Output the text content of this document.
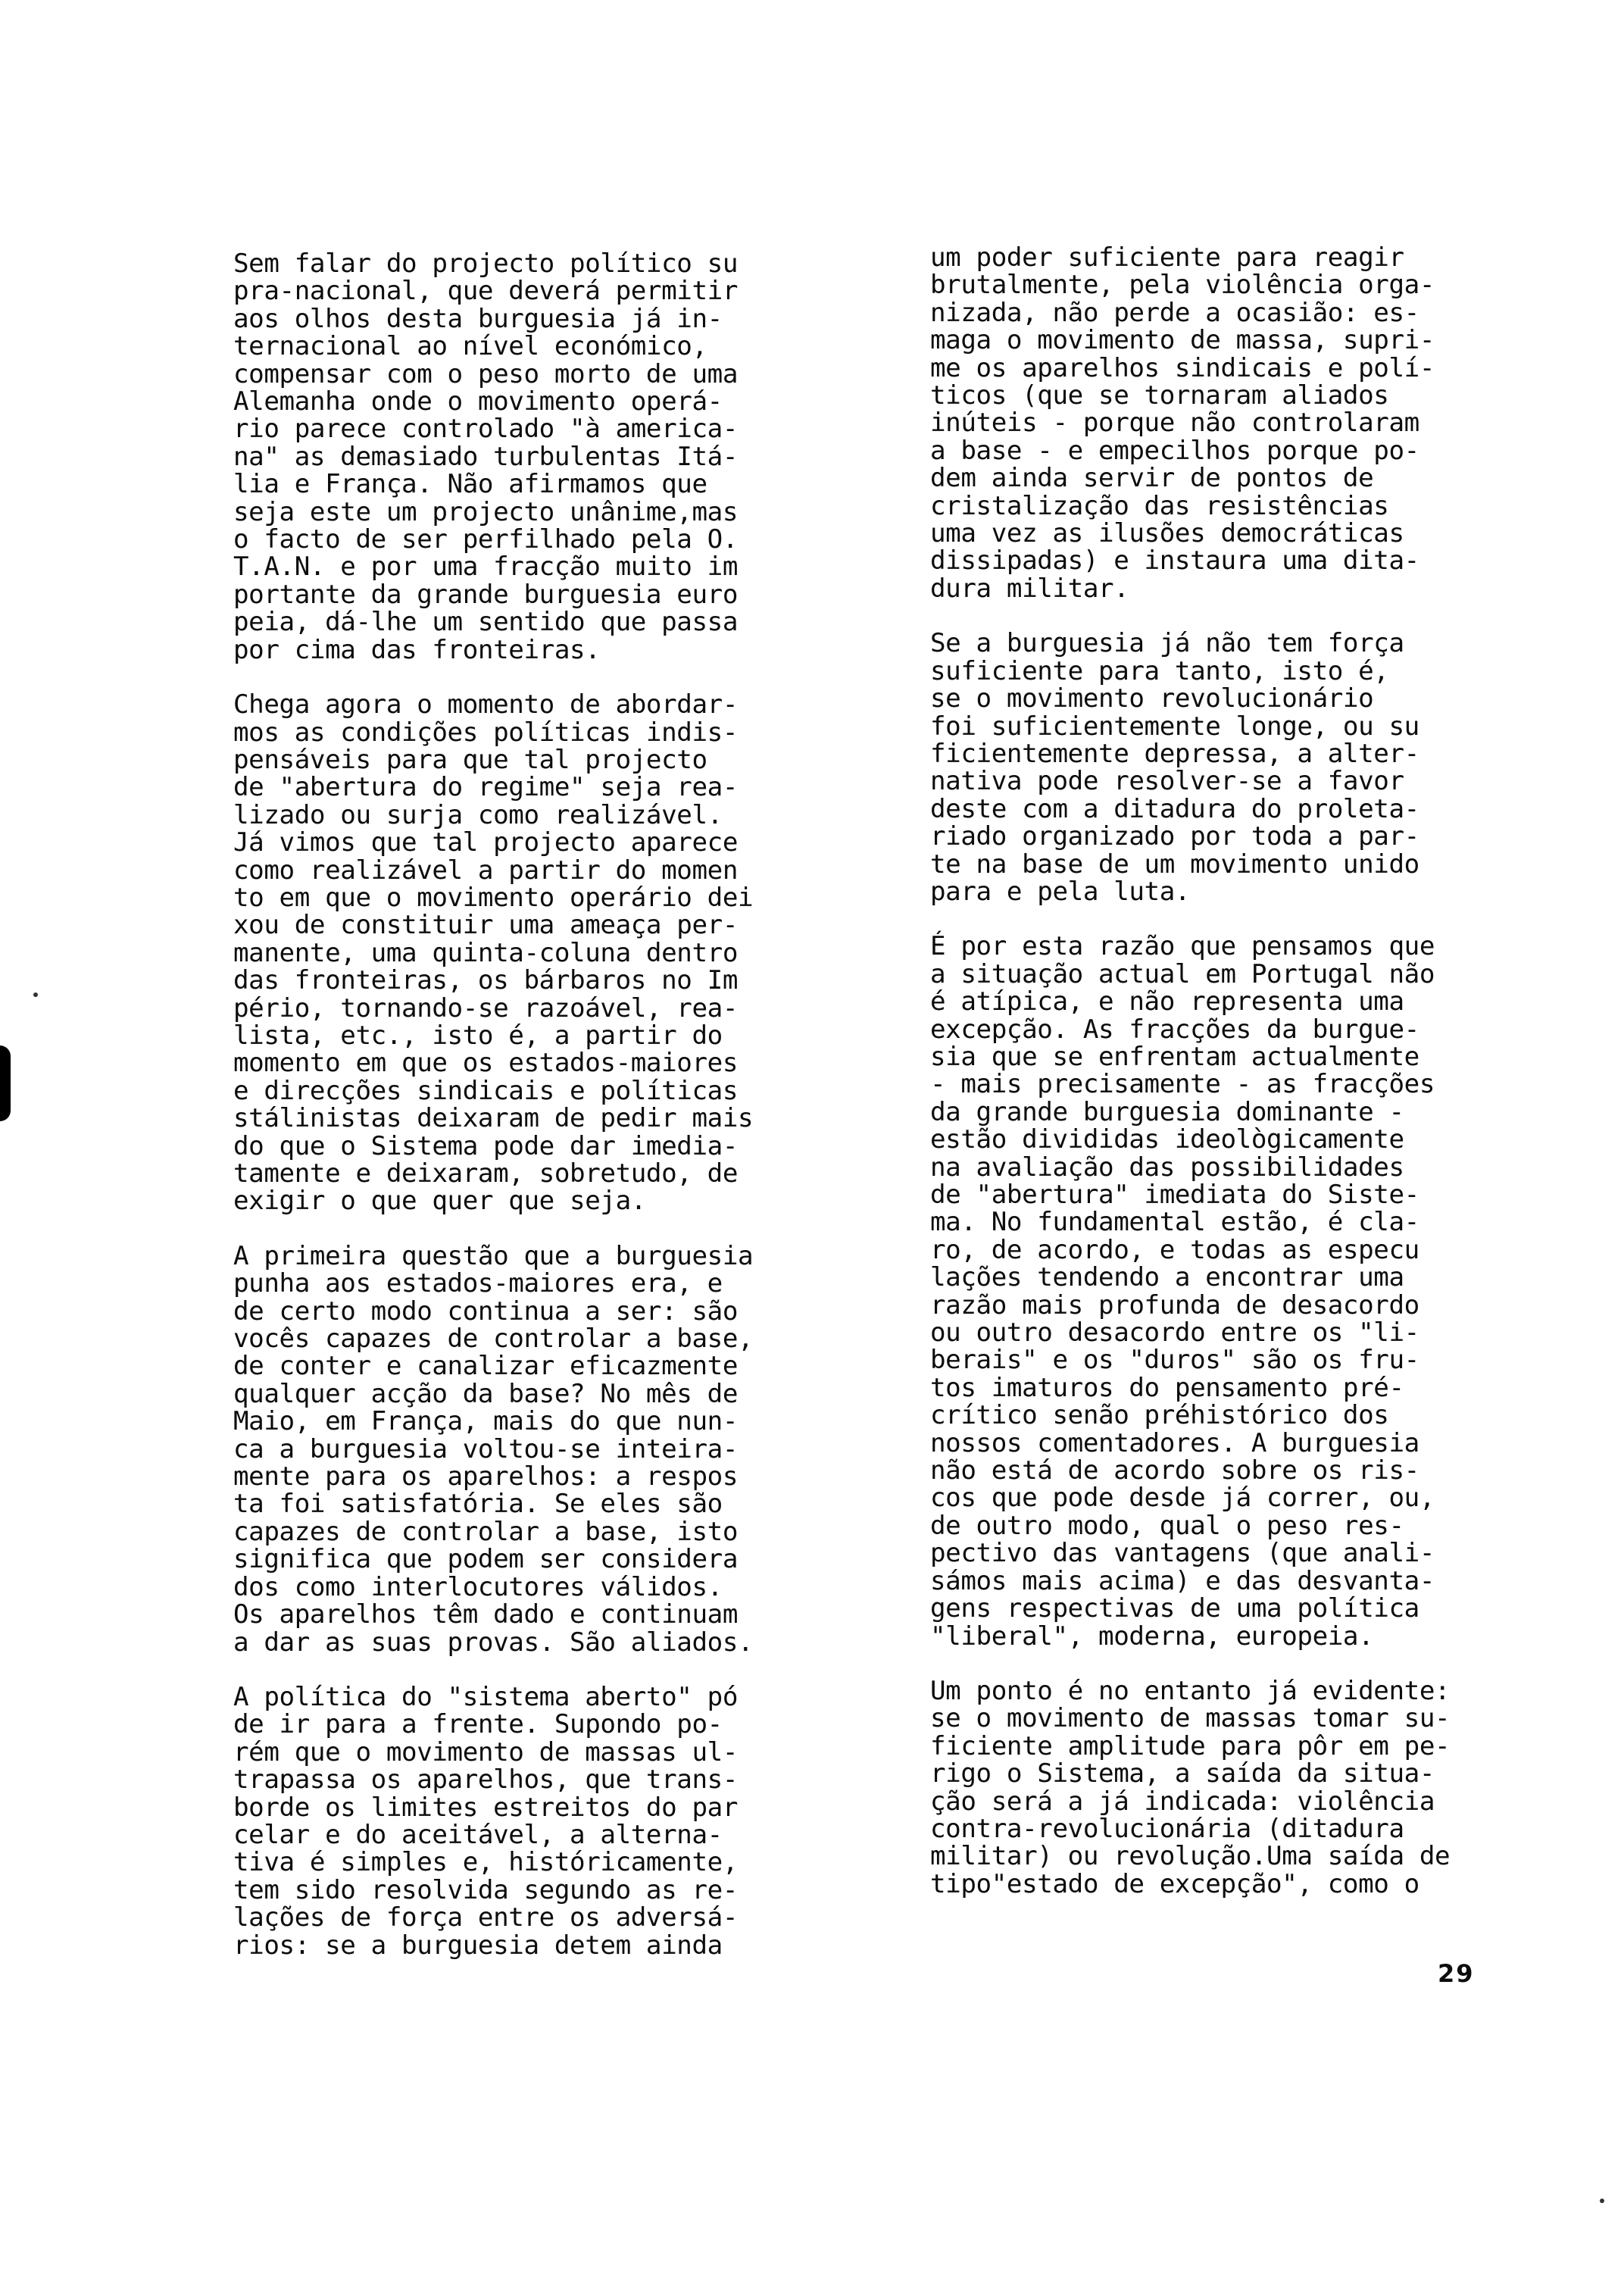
Sem falar do projecto político su
pra-nacional, que deverá permitir
aos olhos desta burguesia já in-
ternacional ao nível económico,
compensar com o peso morto de uma
Alemanha onde o movimento operá-
rio parece controlado "à america-
na" as demasiado turbulentas Itá-
lia e França. Não afirmamos que
seja este um projecto unânime,mas
o facto de ser perfilhado pela O.
T.A.N. e por uma fracção muito im
portante da grande burguesia euro
peia, dá-lhe um sentido que passa
por cima das fronteiras.

Chega agora o momento de abordar-
mos as condições políticas indis-
pensáveis para que tal projecto
de "abertura do regime" seja rea-
lizado ou surja como realizável.
Já vimos que tal projecto aparece
como realizável a partir do momen
to em que o movimento operário dei
xou de constituir uma ameaça per-
manente, uma quinta-coluna dentro
das fronteiras, os bárbaros no Im
pério, tornando-se razoável, rea-
lista, etc., isto é, a partir do
momento em que os estados-maiores
e direcções sindicais e políticas
stálinistas deixaram de pedir mais
do que o Sistema pode dar imedia-
tamente e deixaram, sobretudo, de
exigir o que quer que seja.

A primeira questão que a burguesia
punha aos estados-maiores era, e
de certo modo continua a ser: são
vocês capazes de controlar a base,
de conter e canalizar eficazmente
qualquer acção da base? No mês de
Maio, em França, mais do que nun-
ca a burguesia voltou-se inteira-
mente para os aparelhos: a respos
ta foi satisfatória. Se eles são
capazes de controlar a base, isto
significa que podem ser considera
dos como interlocutores válidos.
Os aparelhos têm dado e continuam
a dar as suas provas. São aliados.

A política do "sistema aberto" pó
de ir para a frente. Supondo po-
rém que o movimento de massas ul-
trapassa os aparelhos, que trans-
borde os limites estreitos do par
celar e do aceitável, a alterna-
tiva é simples e, históricamente,
tem sido resolvida segundo as re-
lações de força entre os adversá-
rios: se a burguesia detem ainda

um poder suficiente para reagir
brutalmente, pela violência orga-
nizada, não perde a ocasião: es-
maga o movimento de massa, supri-
me os aparelhos sindicais e polí-
ticos (que se tornaram aliados
inúteis - porque não controlaram
a base - e empecilhos porque po-
dem ainda servir de pontos de
cristalização das resistências
uma vez as ilusões democráticas
dissipadas) e instaura uma dita-
dura militar.

Se a burguesia já não tem força
suficiente para tanto, isto é,
se o movimento revolucionário
foi suficientemente longe, ou su
ficientemente depressa, a alter-
nativa pode resolver-se a favor
deste com a ditadura do proleta-
riado organizado por toda a par-
te na base de um movimento unido
para e pela luta.

É por esta razão que pensamos que
a situação actual em Portugal não
é atípica, e não representa uma
excepção. As fracções da burgue-
sia que se enfrentam actualmente
- mais precisamente - as fracções
da grande burguesia dominante -
estão divididas ideològicamente
na avaliação das possibilidades
de "abertura" imediata do Siste-
ma. No fundamental estão, é cla-
ro, de acordo, e todas as especu
lações tendendo a encontrar uma
razão mais profunda de desacordo
ou outro desacordo entre os "li-
berais" e os "duros" são os fru-
tos imaturos do pensamento pré-
crítico senão préhistórico dos
nossos comentadores. A burguesia
não está de acordo sobre os ris-
cos que pode desde já correr, ou,
de outro modo, qual o peso res-
pectivo das vantagens (que anali-
sámos mais acima) e das desvanta-
gens respectivas de uma política
"liberal", moderna, europeia.

Um ponto é no entanto já evidente:
se o movimento de massas tomar su-
ficiente amplitude para pôr em pe-
rigo o Sistema, a saída da situa-
ção será a já indicada: violência
contra-revolucionária (ditadura
militar) ou revolução.Uma saída de
tipo"estado de excepção", como o

29
